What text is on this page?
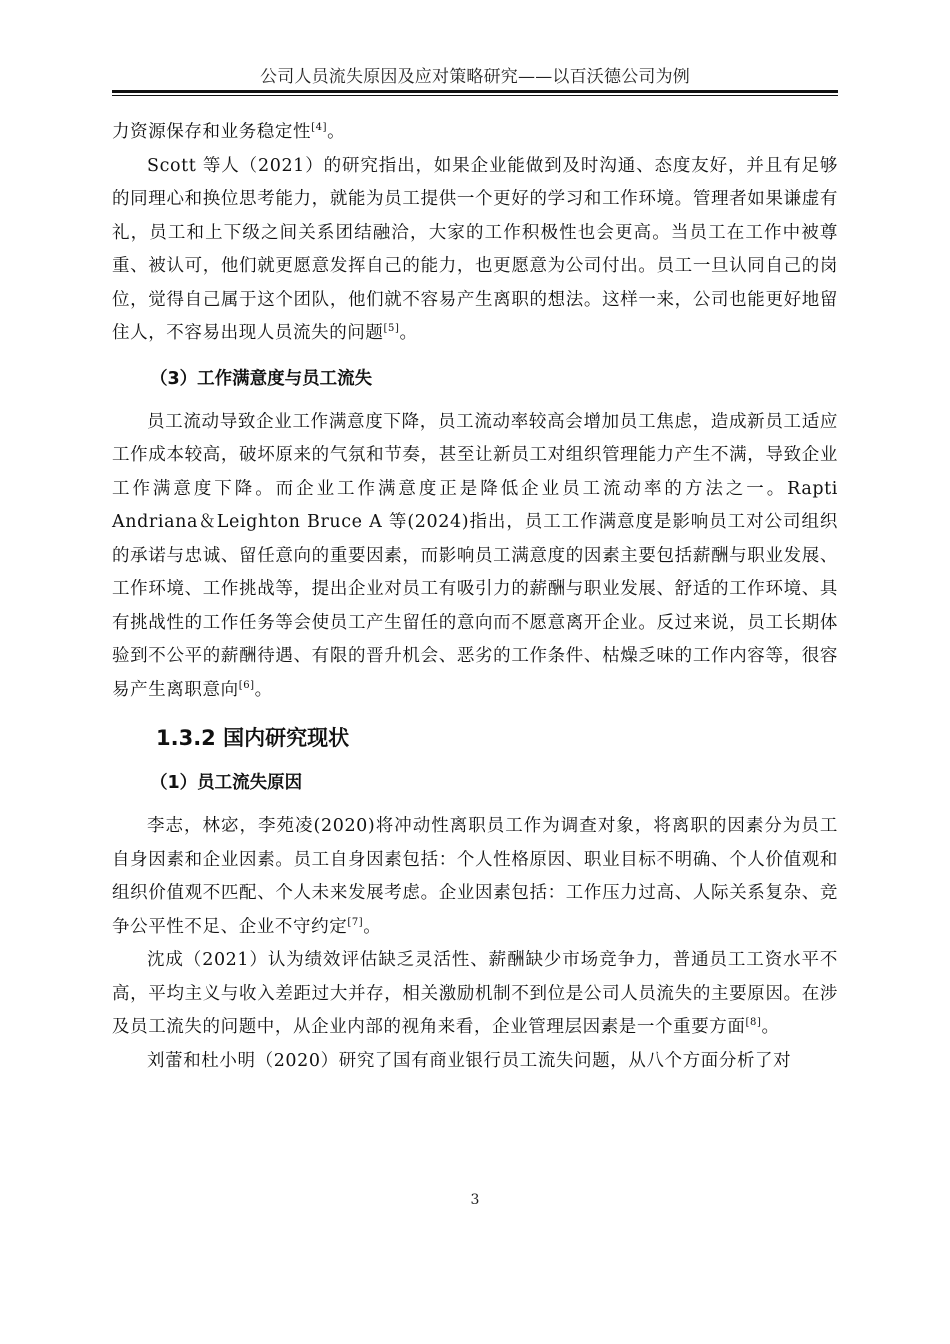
公司人员流失原因及应对策略研究——以百沃德公司为例

力资源保存和业务稳定性[4]。

Scott 等人（2021）的研究指出，如果企业能做到及时沟通、态度友好，并且有足够的同理心和换位思考能力，就能为员工提供一个更好的学习和工作环境。管理者如果谦虚有礼，员工和上下级之间关系团结融洽，大家的工作积极性也会更高。当员工在工作中被尊重、被认可，他们就更愿意发挥自己的能力，也更愿意为公司付出。员工一旦认同自己的岗位，觉得自己属于这个团队，他们就不容易产生离职的想法。这样一来，公司也能更好地留住人，不容易出现人员流失的问题[5]。

（3）工作满意度与员工流失

员工流动导致企业工作满意度下降，员工流动率较高会增加员工焦虑，造成新员工适应工作成本较高，破坏原来的气氛和节奏，甚至让新员工对组织管理能力产生不满，导致企业工作满意度下降。而企业工作满意度正是降低企业员工流动率的方法之一。Rapti Andriana＆Leighton Bruce A 等(2024)指出，员工工作满意度是影响员工对公司组织的承诺与忠诚、留任意向的重要因素，而影响员工满意度的因素主要包括薪酬与职业发展、工作环境、工作挑战等，提出企业对员工有吸引力的薪酬与职业发展、舒适的工作环境、具有挑战性的工作任务等会使员工产生留任的意向而不愿意离开企业。反过来说，员工长期体验到不公平的薪酬待遇、有限的晋升机会、恶劣的工作条件、枯燥乏味的工作内容等，很容易产生离职意向[6]。

1.3.2 国内研究现状
（1）员工流失原因

李志，林宓，李苑凌(2020)将冲动性离职员工作为调查对象，将离职的因素分为员工自身因素和企业因素。员工自身因素包括：个人性格原因、职业目标不明确、个人价值观和组织价值观不匹配、个人未来发展考虑。企业因素包括：工作压力过高、人际关系复杂、竞争公平性不足、企业不守约定[7]。

沈成（2021）认为绩效评估缺乏灵活性、薪酬缺少市场竞争力，普通员工工资水平不高，平均主义与收入差距过大并存，相关激励机制不到位是公司人员流失的主要原因。在涉及员工流失的问题中，从企业内部的视角来看，企业管理层因素是一个重要方面[8]。

刘蕾和杜小明（2020）研究了国有商业银行员工流失问题，从八个方面分析了对

3
